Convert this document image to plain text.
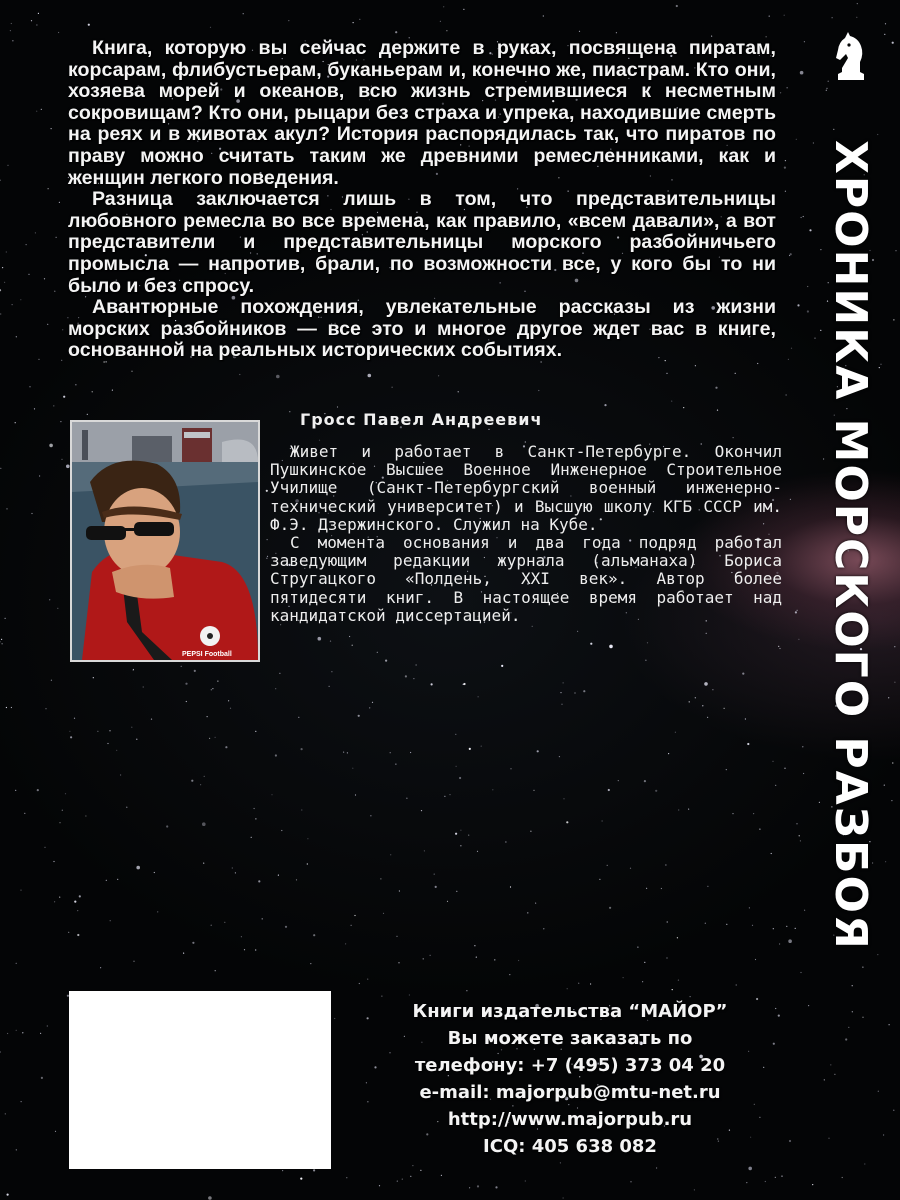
Книга, которую вы сейчас держите в руках, посвящена пиратам, корсарам, флибустьерам, буканьерам и, конечно же, пиастрам. Кто они, хозяева морей и океанов, всю жизнь стремившиеся к несметным сокровищам? Кто они, рыцари без страха и упрека, находившие смерть на реях и в животах акул? История распорядилась так, что пиратов по праву можно считать таким же древними ремесленниками, как и женщин легкого поведения.

Разница заключается лишь в том, что представительницы любовного ремесла во все времена, как правило, «всем давали», а вот представители и представительницы морского разбойничьего промысла — напротив, брали, по возможности все, у кого бы то ни было и без спросу.

Авантюрные похождения, увлекательные рассказы из жизни морских разбойников — все это и многое другое ждет вас в книге, основанной на реальных исторических событиях.

PEPSI Football
Гросс Павел Андреевич

Живет и работает в Санкт-Петербурге. Окончил Пушкинское Высшее Военное Инженерное Строительное Училище (Санкт-Петербургский военный инженерно-технический университет) и Высшую школу КГБ СССР им. Ф.Э. Дзержинского. Служил на Кубе.

С момента основания и два года подряд работал заведующим редакции журнала (альманаха) Бориса Стругацкого «Полдень, XXI век». Автор более пятидесяти книг. В настоящее время работает над кандидатской диссертацией.

Книги издательства “МАЙОР”
Вы можете заказать по
телефону: +7 (495) 373 04 20
e-mail: majorpub@mtu-net.ru
http://www.majorpub.ru
ICQ: 405 638 082
ХРОНИКА МОРСКОГО РАЗБОЯ
